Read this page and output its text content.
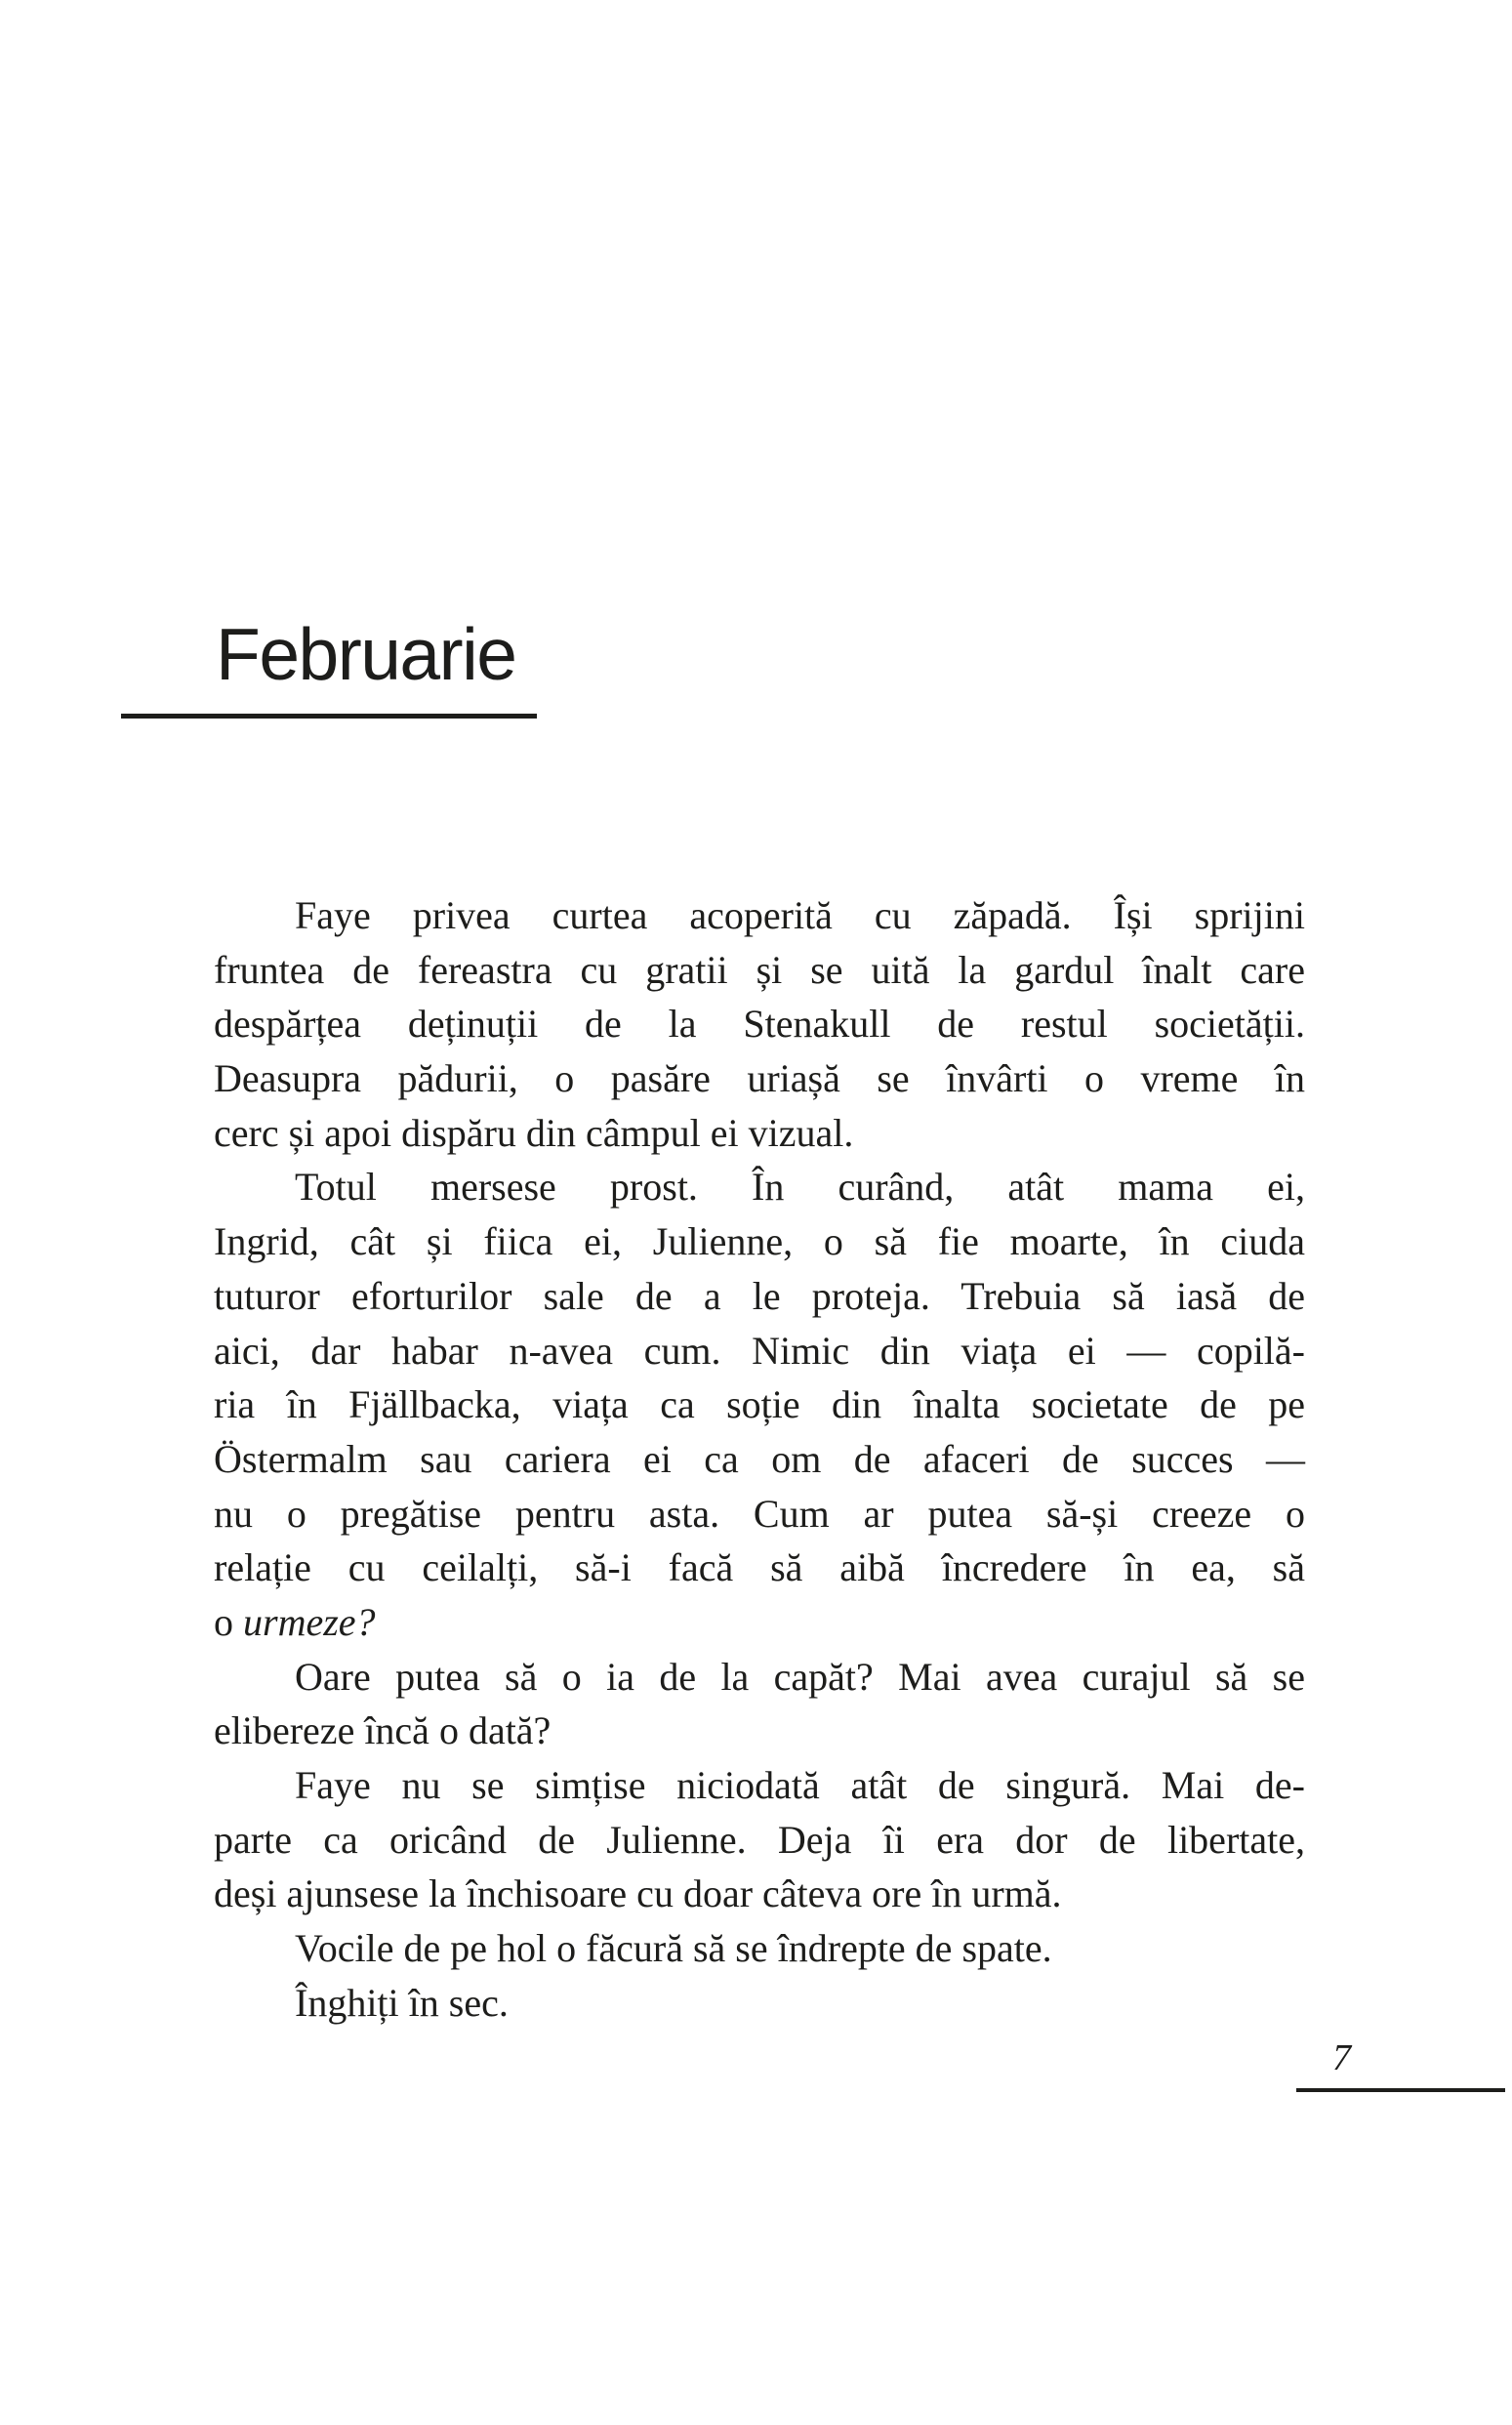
Februarie
Faye privea curtea acoperită cu zăpadă. Își sprijini
fruntea de fereastra cu gratii și se uită la gardul înalt care
despărțea deținuții de la Stenakull de restul societății.
Deasupra pădurii, o pasăre uriașă se învârti o vreme în
cerc și apoi dispăru din câmpul ei vizual.
Totul mersese prost. În curând, atât mama ei,
Ingrid, cât și fiica ei, Julienne, o să fie moarte, în ciuda
tuturor eforturilor sale de a le proteja. Trebuia să iasă de
aici, dar habar n-avea cum. Nimic din viața ei — copilă-
ria în Fjällbacka, viața ca soție din înalta societate de pe
Östermalm sau cariera ei ca om de afaceri de succes —
nu o pregătise pentru asta. Cum ar putea să-și creeze o
relație cu ceilalți, să-i facă să aibă încredere în ea, să
o urmeze?
Oare putea să o ia de la capăt? Mai avea curajul să se
elibereze încă o dată?
Faye nu se simțise niciodată atât de singură. Mai de-
parte ca oricând de Julienne. Deja îi era dor de libertate,
deși ajunsese la închisoare cu doar câteva ore în urmă.
Vocile de pe hol o făcură să se îndrepte de spate.
Înghiți în sec.
7
